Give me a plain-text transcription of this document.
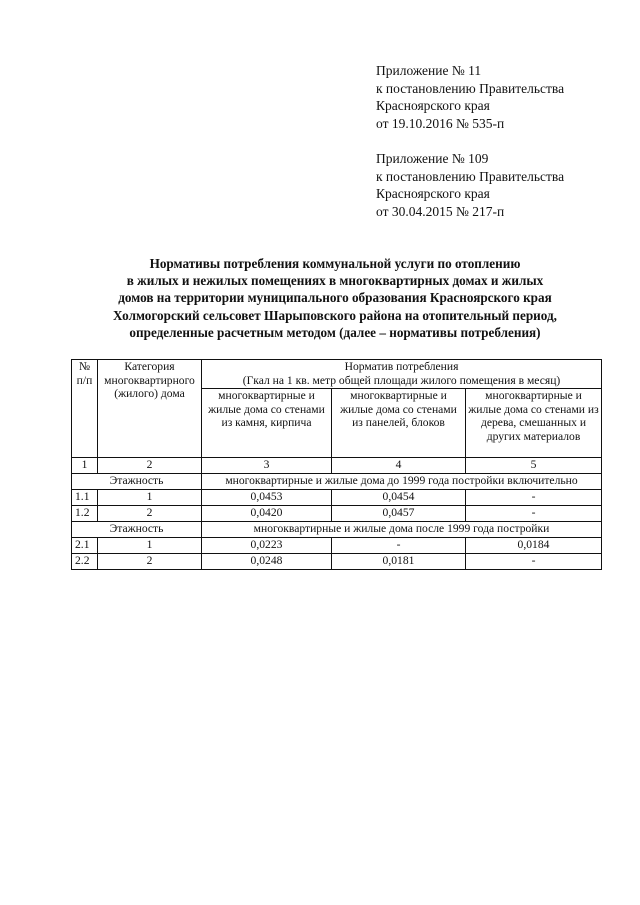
Приложение № 11
к постановлению Правительства
Красноярского края
от 19.10.2016 № 535-п
Приложение № 109
к постановлению Правительства
Красноярского края
от 30.04.2015 № 217-п
Нормативы потребления коммунальной услуги по отоплению
в жилых и нежилых помещениях в многоквартирных домах и жилых
домов на территории муниципального образования Красноярского края
Холмогорский сельсовет Шарыповского района на отопительный период,
определенные расчетным методом (далее – нормативы потребления)
№ п/п	Категория многоквартирного (жилого) дома	Норматив потребления
(Гкал на 1 кв. метр общей площади жилого помещения в месяц)		

		многоквартирные и жилые дома со стенами из камня, кирпича	многоквартирные и жилые дома со стенами из панелей, блоков	многоквартирные и жилые дома со стенами из дерева, смешанных и других материалов
1	2	3	4	5
Этажность		многоквартирные и жилые дома до 1999 года постройки включительно		
1.1	1	0,0453	0,0454	-
1.2	2	0,0420	0,0457	-
Этажность		многоквартирные и жилые дома после 1999 года постройки		
2.1	1	0,0223	-	0,0184
2.2	2	0,0248	0,0181	-
